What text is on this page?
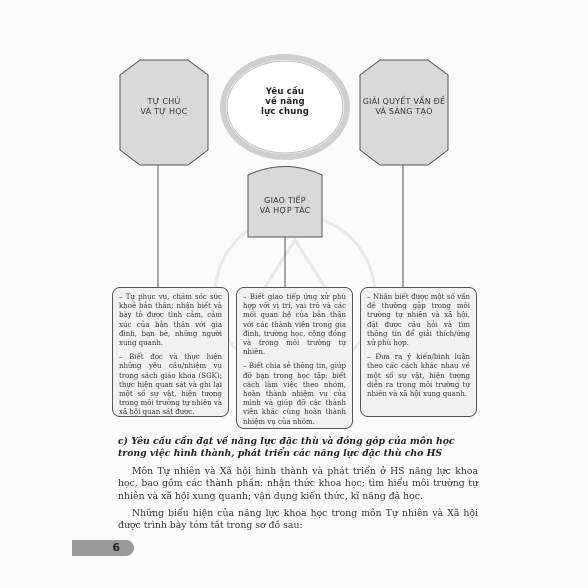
TỰ CHỦ
VÀ TỰ HỌC
Yêu cầu
về năng
lực chung
GIẢI QUYẾT VẤN ĐỀ
VÀ SÁNG TẠO
GIAO TIẾP
VÀ HỢP TÁC

– Tự phục vụ, chăm sóc sức khoẻ bản thân; nhận biết và bày tỏ được tình cảm, cảm xúc của bản thân với gia đình, bạn bè, những người xung quanh.

– Biết đọc và thực hiện những yêu cầu/nhiệm vụ trong sách giáo khoa (SGK); thực hiện quan sát và ghi lại một số sự vật, hiện tượng trong môi trường tự nhiên và xã hội quan sát được.

– Biết giao tiếp ứng xử phù hợp với vị trí, vai trò và các mối quan hệ của bản thân với các thành viên trong gia đình, trường học, cộng đồng và trong môi trường tự nhiên.

– Biết chia sẻ thông tin, giúp đỡ bạn trong học tập; biết cách làm việc theo nhóm, hoàn thành nhiệm vụ của mình và giúp đỡ các thành viên khác cùng hoàn thành nhiệm vụ của nhóm.

– Nhận biết được một số vấn đề thường gặp trong môi trường tự nhiên và xã hội, đặt được câu hỏi và tìm thông tin để giải thích/ứng xử phù hợp.

– Đưa ra ý kiến/bình luận theo các cách khác nhau về một số sự vật, hiện tượng diễn ra trong môi trường tự nhiên và xã hội xung quanh.

c) Yêu cầu cần đạt về năng lực đặc thù và đóng góp của môn học trong việc hình thành, phát triển các năng lực đặc thù cho HS
Môn Tự nhiên và Xã hội hình thành và phát triển ở HS năng lực khoa học, bao gồm các thành phần: nhận thức khoa học; tìm hiểu môi trường tự nhiên và xã hội xung quanh; vận dụng kiến thức, kĩ năng đã học.
Những biểu hiện của năng lực khoa học trong môn Tự nhiên và Xã hội được trình bày tóm tắt trong sơ đồ sau:
6
